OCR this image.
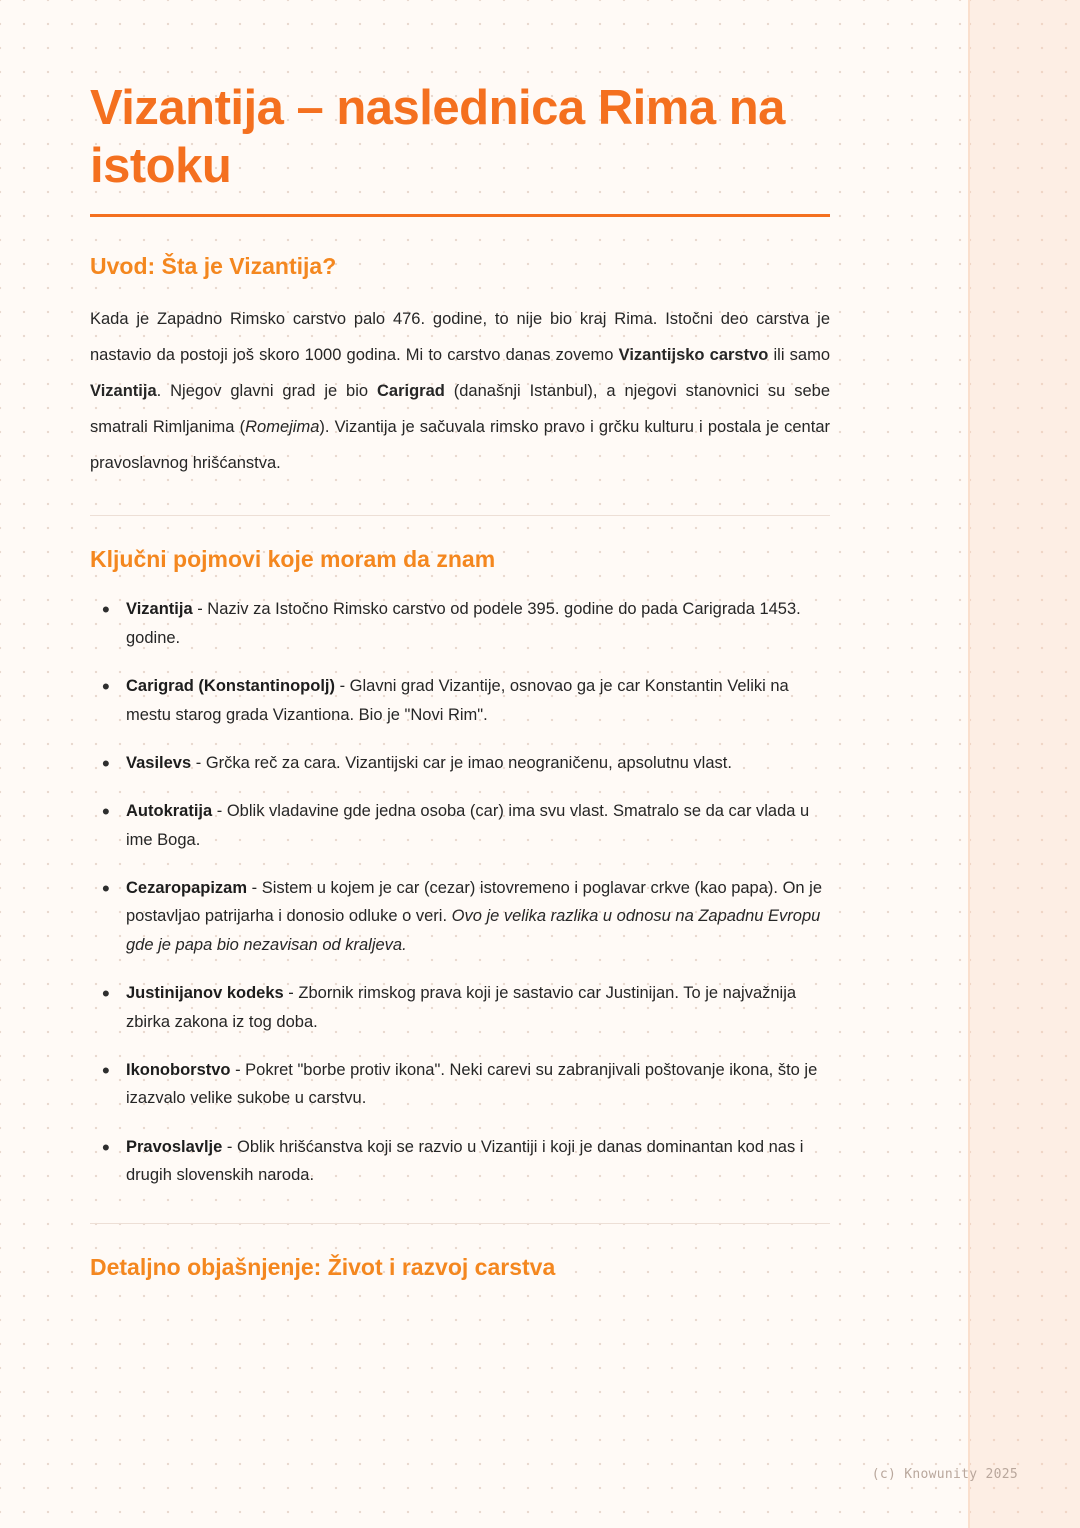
Vizantija – naslednica Rima na istoku
Uvod: Šta je Vizantija?

Kada je Zapadno Rimsko carstvo palo 476. godine, to nije bio kraj Rima. Istočni deo carstva je nastavio da postoji još skoro 1000 godina. Mi to carstvo danas zovemo Vizantijsko carstvo ili samo Vizantija. Njegov glavni grad je bio Carigrad (današnji Istanbul), a njegovi stanovnici su sebe smatrali Rimljanima (Romejima). Vizantija je sačuvala rimsko pravo i grčku kulturu i postala je centar pravoslavnog hrišćanstva.

Ključni pojmovi koje moram da znam
• Vizantija - Naziv za Istočno Rimsko carstvo od podele 395. godine do pada Carigrada 1453. godine.
• Carigrad (Konstantinopolj) - Glavni grad Vizantije, osnovao ga je car Konstantin Veliki na mestu starog grada Vizantiona. Bio je "Novi Rim".
• Vasilevs - Grčka reč za cara. Vizantijski car je imao neograničenu, apsolutnu vlast.
• Autokratija - Oblik vladavine gde jedna osoba (car) ima svu vlast. Smatralo se da car vlada u ime Boga.
• Cezaropapizam - Sistem u kojem je car (cezar) istovremeno i poglavar crkve (kao papa). On je postavljao patrijarha i donosio odluke o veri. Ovo je velika razlika u odnosu na Zapadnu Evropu gde je papa bio nezavisan od kraljeva.
• Justinijanov kodeks - Zbornik rimskog prava koji je sastavio car Justinijan. To je najvažnija zbirka zakona iz tog doba.
• Ikonoborstvo - Pokret "borbe protiv ikona". Neki carevi su zabranjivali poštovanje ikona, što je izazvalo velike sukobe u carstvu.
• Pravoslavlje - Oblik hrišćanstva koji se razvio u Vizantiji i koji je danas dominantan kod nas i drugih slovenskih naroda.
Detaljno objašnjenje: Život i razvoj carstva
(c) Knowunity 2025
